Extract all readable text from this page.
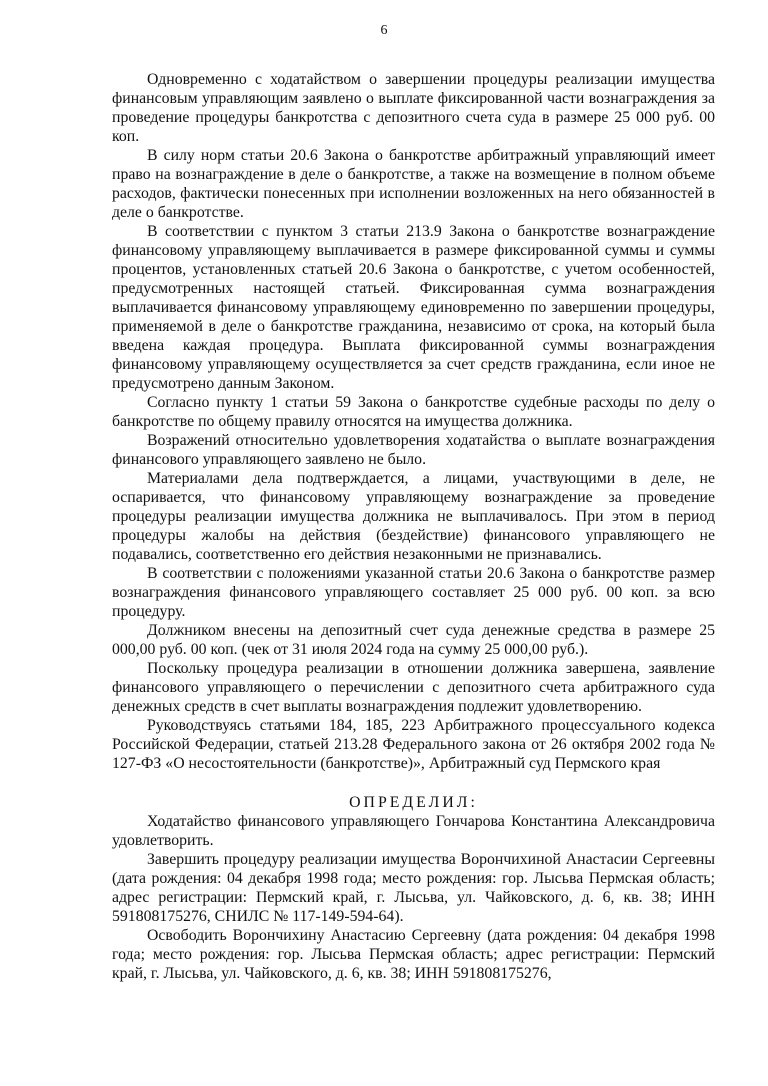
6

Одновременно с ходатайством о завершении процедуры реализации имущества финансовым управляющим заявлено о выплате фиксированной части вознаграждения за проведение процедуры банкротства с депозитного счета суда в размере 25 000 руб. 00 коп.

В силу норм статьи 20.6 Закона о банкротстве арбитражный управляющий имеет право на вознаграждение в деле о банкротстве, а также на возмещение в полном объеме расходов, фактически понесенных при исполнении возложенных на него обязанностей в деле о банкротстве.

В соответствии с пунктом 3 статьи 213.9 Закона о банкротстве вознаграждение финансовому управляющему выплачивается в размере фиксированной суммы и суммы процентов, установленных статьей 20.6 Закона о банкротстве, с учетом особенностей, предусмотренных настоящей статьей. Фиксированная сумма вознаграждения выплачивается финансовому управляющему единовременно по завершении процедуры, применяемой в деле о банкротстве гражданина, независимо от срока, на который была введена каждая процедура. Выплата фиксированной суммы вознаграждения финансовому управляющему осуществляется за счет средств гражданина, если иное не предусмотрено данным Законом.

Согласно пункту 1 статьи 59 Закона о банкротстве судебные расходы по делу о банкротстве по общему правилу относятся на имущества должника.

Возражений относительно удовлетворения ходатайства о выплате вознаграждения финансового управляющего заявлено не было.

Материалами дела подтверждается, а лицами, участвующими в деле, не оспаривается, что финансовому управляющему вознаграждение за проведение процедуры реализации имущества должника не выплачивалось. При этом в период процедуры жалобы на действия (бездействие) финансового управляющего не подавались, соответственно его действия незаконными не признавались.

В соответствии с положениями указанной статьи 20.6 Закона о банкротстве размер вознаграждения финансового управляющего составляет 25 000 руб. 00 коп. за всю процедуру.

Должником внесены на депозитный счет суда денежные средства в размере 25 000,00 руб. 00 коп. (чек от 31 июля 2024 года на сумму 25 000,00 руб.).

Поскольку процедура реализации в отношении должника завершена, заявление финансового управляющего о перечислении с депозитного счета арбитражного суда денежных средств в счет выплаты вознаграждения подлежит удовлетворению.

Руководствуясь статьями 184, 185, 223 Арбитражного процессуального кодекса Российской Федерации, статьей 213.28 Федерального закона от 26 октября 2002 года № 127-ФЗ «О несостоятельности (банкротстве)», Арбитражный суд Пермского края

ОПРЕДЕЛИЛ:

Ходатайство финансового управляющего Гончарова Константина Александровича удовлетворить.

Завершить процедуру реализации имущества Ворончихиной Анастасии Сергеевны (дата рождения: 04 декабря 1998 года; место рождения: гор. Лысьва Пермская область; адрес регистрации: Пермский край, г. Лысьва, ул. Чайковского, д. 6, кв. 38; ИНН 591808175276, СНИЛС № 117-149-594-64).

Освободить Ворончихину Анастасию Сергеевну (дата рождения: 04 декабря 1998 года; место рождения: гор. Лысьва Пермская область; адрес регистрации: Пермский край, г. Лысьва, ул. Чайковского, д. 6, кв. 38; ИНН 591808175276,
